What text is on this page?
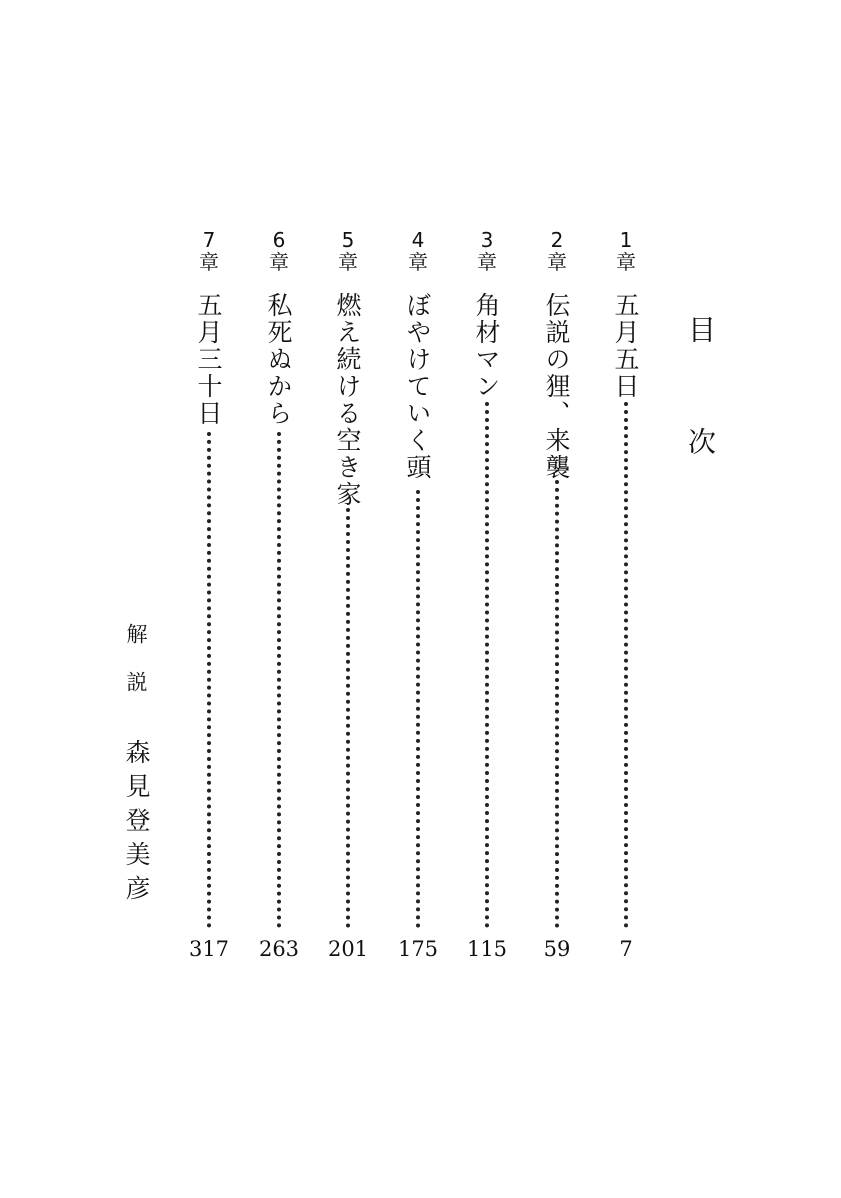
目次
1
章
五月五日
7
2
章
伝説の狸、来襲
59
3
章
角材マン
115
4
章
ぼやけていく頭
175
5
章
燃え続ける空き家
201
6
章
私死ぬから
263
7
章
五月三十日
317
解説
森見登美彦
